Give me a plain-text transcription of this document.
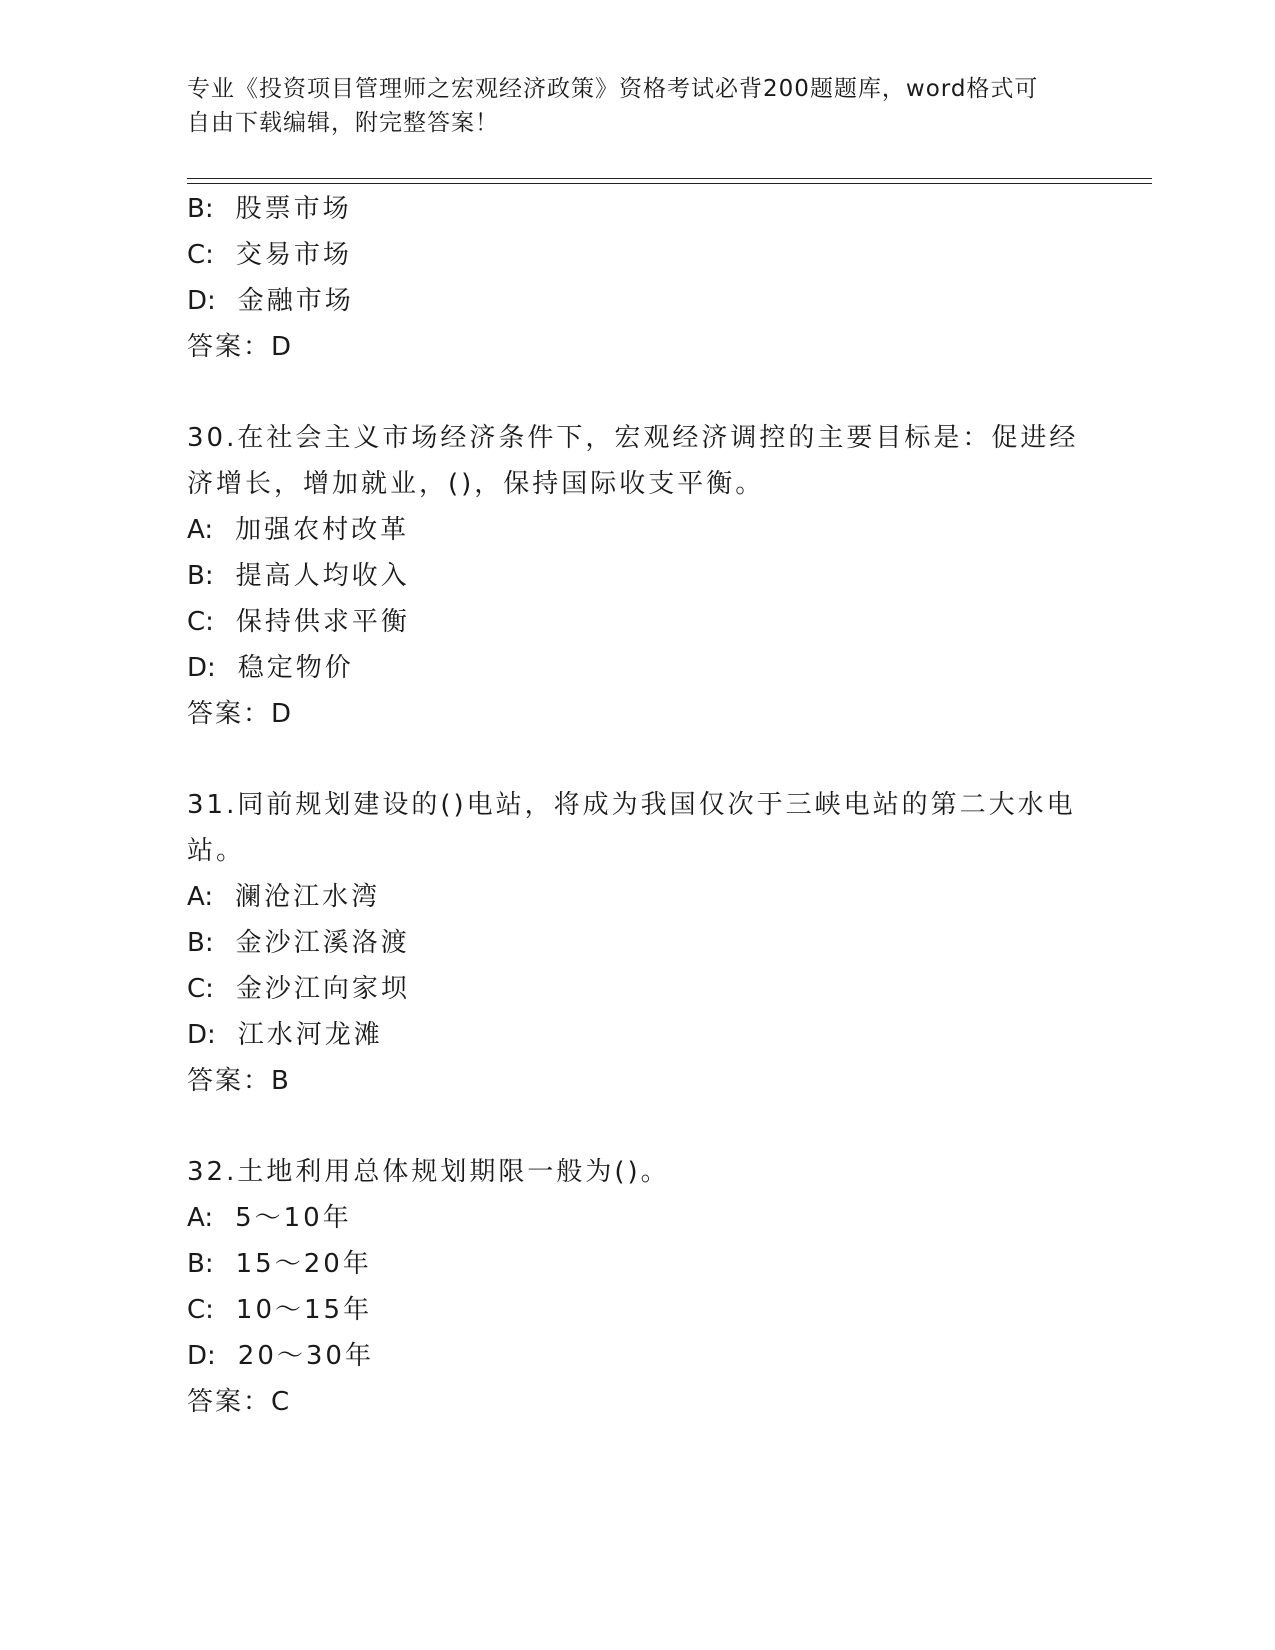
专业《投资项目管理师之宏观经济政策》资格考试必背200题题库，word格式可
自由下载编辑，附完整答案！
B: 股票市场
C: 交易市场
D: 金融市场
答案：D
30.在社会主义市场经济条件下，宏观经济调控的主要目标是：促进经
济增长，增加就业，()，保持国际收支平衡。
A: 加强农村改革
B: 提高人均收入
C: 保持供求平衡
D: 稳定物价
答案：D
31.同前规划建设的()电站，将成为我国仅次于三峡电站的第二大水电
站。
A: 澜沧江水湾
B: 金沙江溪洛渡
C: 金沙江向家坝
D: 江水河龙滩
答案：B
32.土地利用总体规划期限一般为()。
A: 5～10年
B: 15～20年
C: 10～15年
D: 20～30年
答案：C
